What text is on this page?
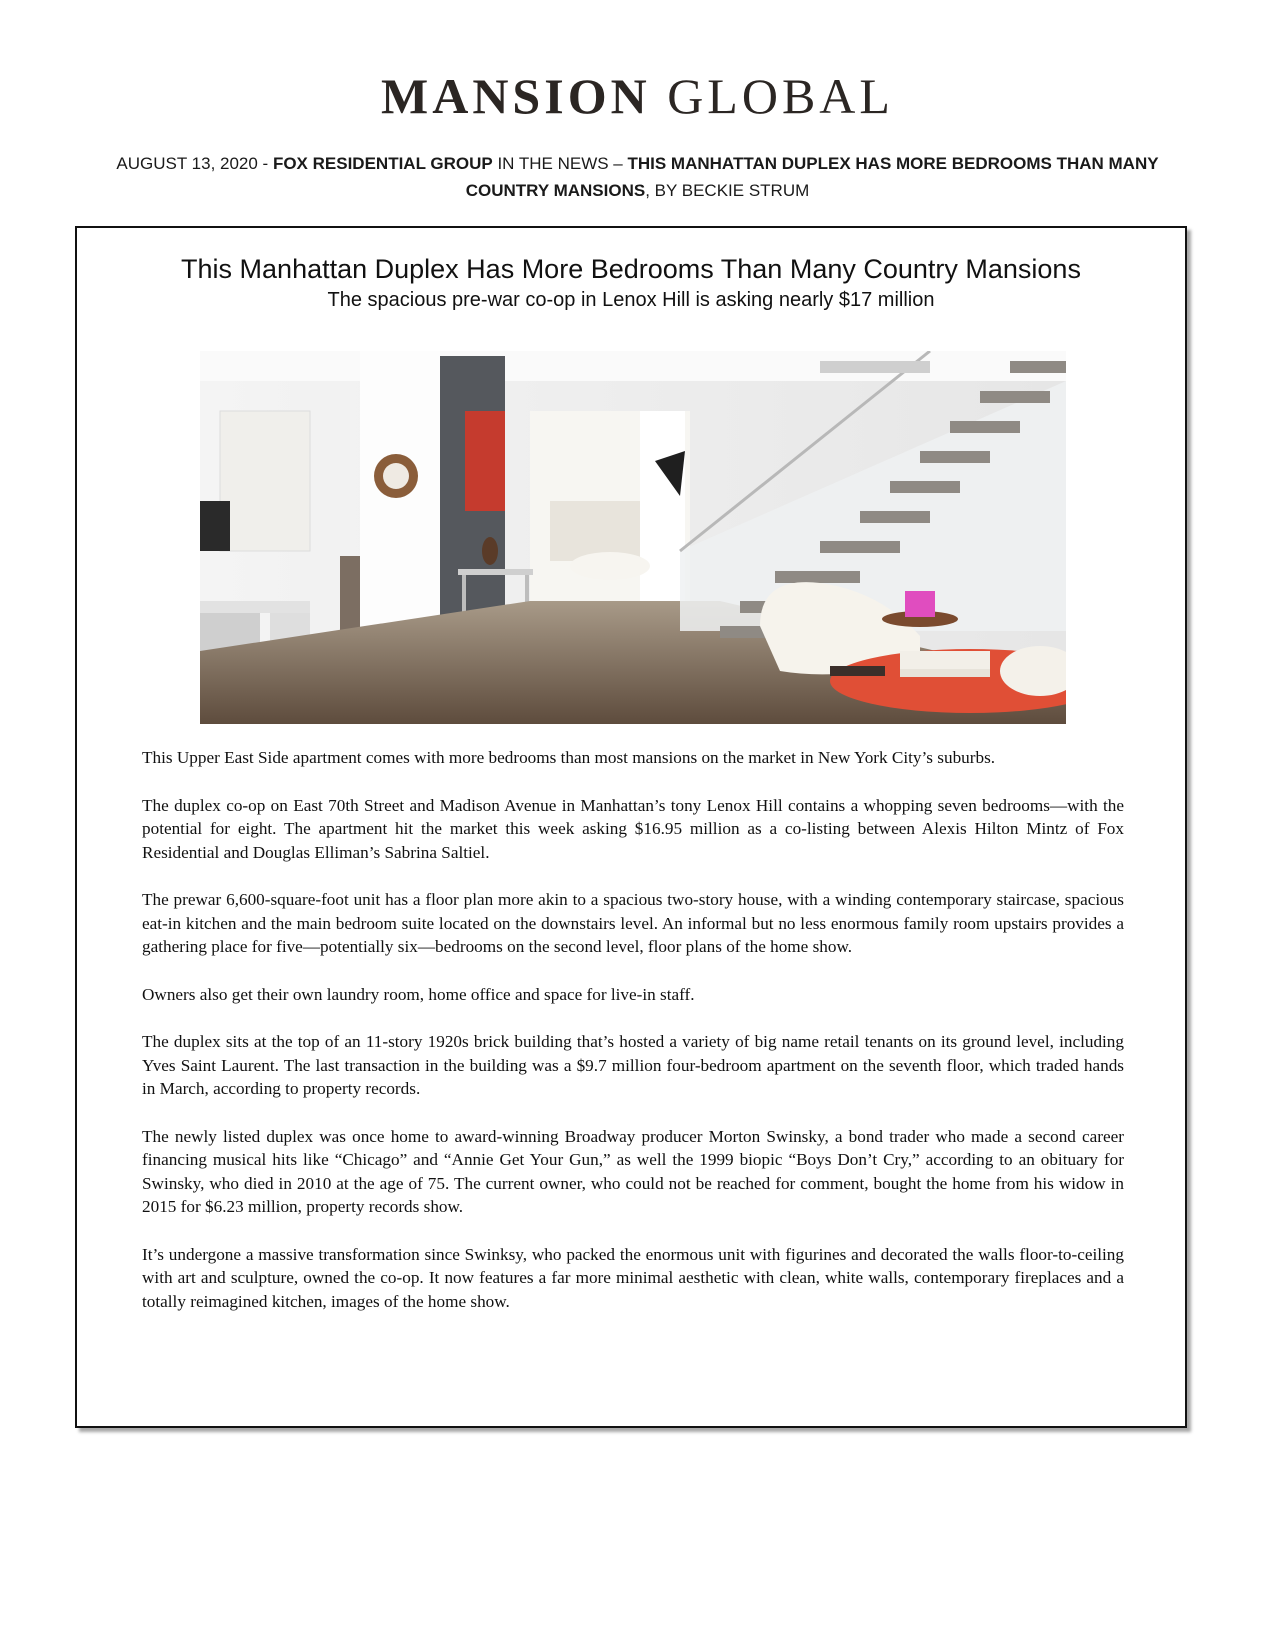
MANSION GLOBAL
AUGUST 13, 2020 - FOX RESIDENTIAL GROUP IN THE NEWS – THIS MANHATTAN DUPLEX HAS MORE BEDROOMS THAN MANY COUNTRY MANSIONS, BY BECKIE STRUM
This Manhattan Duplex Has More Bedrooms Than Many Country Mansions
The spacious pre-war co-op in Lenox Hill is asking nearly $17 million

This Upper East Side apartment comes with more bedrooms than most mansions on the market in New York City’s suburbs.

The duplex co-op on East 70th Street and Madison Avenue in Manhattan’s tony Lenox Hill contains a whopping seven bedrooms—with the potential for eight. The apartment hit the market this week asking $16.95 million as a co-listing between Alexis Hilton Mintz of Fox Residential and Douglas Elliman’s Sabrina Saltiel.

The prewar 6,600-square-foot unit has a floor plan more akin to a spacious two-story house, with a winding contemporary staircase, spacious eat-in kitchen and the main bedroom suite located on the downstairs level. An informal but no less enormous family room upstairs provides a gathering place for five—potentially six—bedrooms on the second level, floor plans of the home show.

Owners also get their own laundry room, home office and space for live-in staff.

The duplex sits at the top of an 11-story 1920s brick building that’s hosted a variety of big name retail tenants on its ground level, including Yves Saint Laurent. The last transaction in the building was a $9.7 million four-bedroom apartment on the seventh floor, which traded hands in March, according to property records.

The newly listed duplex was once home to award-winning Broadway producer Morton Swinsky, a bond trader who made a second career financing musical hits like “Chicago” and “Annie Get Your Gun,” as well the 1999 biopic “Boys Don’t Cry,” according to an obituary for Swinsky, who died in 2010 at the age of 75. The current owner, who could not be reached for comment, bought the home from his widow in 2015 for $6.23 million, property records show.

It’s undergone a massive transformation since Swinksy, who packed the enormous unit with figurines and decorated the walls floor-to-ceiling with art and sculpture, owned the co-op. It now features a far more minimal aesthetic with clean, white walls, contemporary fireplaces and a totally reimagined kitchen, images of the home show.
